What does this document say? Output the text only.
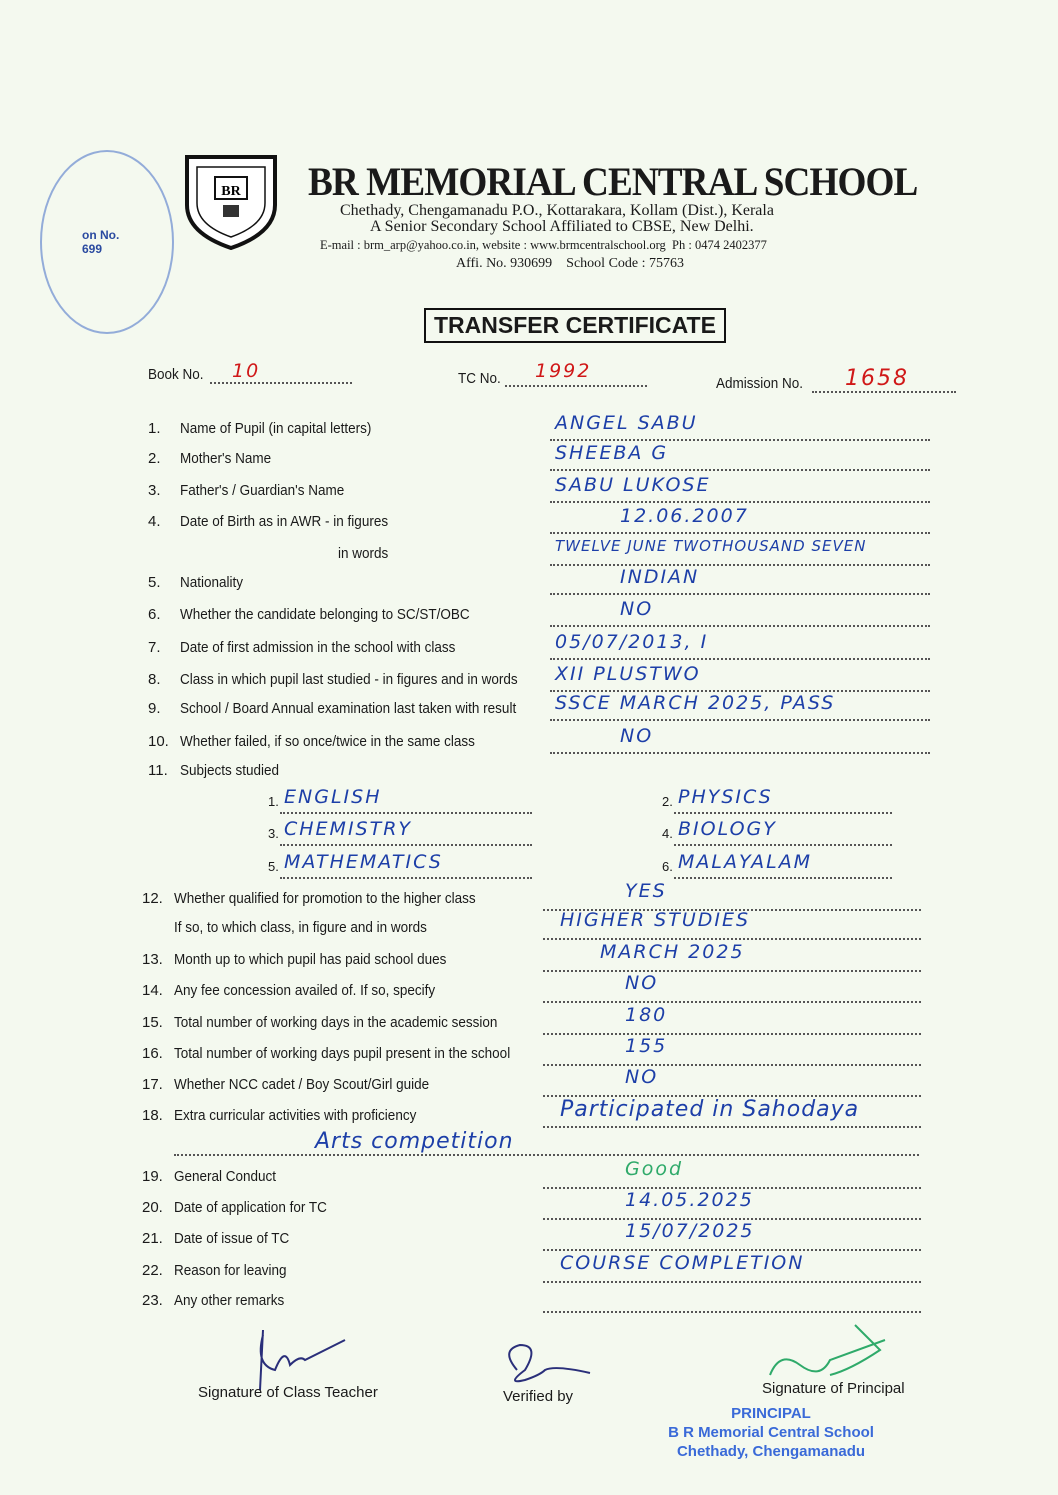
on No.
699
BR BR MEMORIAL CENTRAL SCHOOL
Chethady, Chengamanadu P.O., Kottarakara, Kollam (Dist.), Kerala
A Senior Secondary School Affiliated to CBSE, New Delhi.
E-mail : brm_arp@yahoo.co.in, website : www.brmcentralschool.org  Ph : 0474 2402377
Affi. No. 930699    School Code : 75763
TRANSFER CERTIFICATE
Book No. 10	TC No. 1992
Admission No. 1658
1. Name of Pupil (in capital letters)	ANGEL SABU
2. Mother's Name	SHEEBA G
3. Father's / Guardian's Name	SABU LUKOSE
4. Date of Birth as in AWR - in figures	12.06.2007
in words	TWELVE JUNE TWOTHOUSAND SEVEN
5. Nationality	INDIAN
6. Whether the candidate belonging to SC/ST/OBC	NO
7. Date of first admission in the school with class	05/07/2013, I
8. Class in which pupil last studied - in figures and in words XII PLUSTWO
9. School / Board Annual examination last taken with result SSCE MARCH 2025, PASS
10. Whether failed, if so once/twice in the same class	NO
11. Subjects studied
12. Whether qualified for promotion to the higher class	YES
If so, to which class, in figure and in words	HIGHER STUDIES
13. Month up to which pupil has paid school dues	MARCH 2025
14. Any fee concession availed of. If so, specify	NO
15. Total number of working days in the academic session	180
16. Total number of working days pupil present in the school	155
17. Whether NCC cadet / Boy Scout/Girl guide	NO
18. Extra curricular activities with proficiency	Participated in Sahodaya
Arts competition
19. General Conduct	Good
20. Date of application for TC	14.05.2025
21. Date of issue of TC	15/07/2025
22. Reason for leaving	COURSE COMPLETION
23. Any other remarks
1. ENGLISH	2. PHYSICS
3. CHEMISTRY	4. BIOLOGY
5. MATHEMATICS	6. MALAYALAM
Signature of Class Teacher	Verified by	Signature of Principal
PRINCIPAL
B R Memorial Central School
Chethady, Chengamanadu
